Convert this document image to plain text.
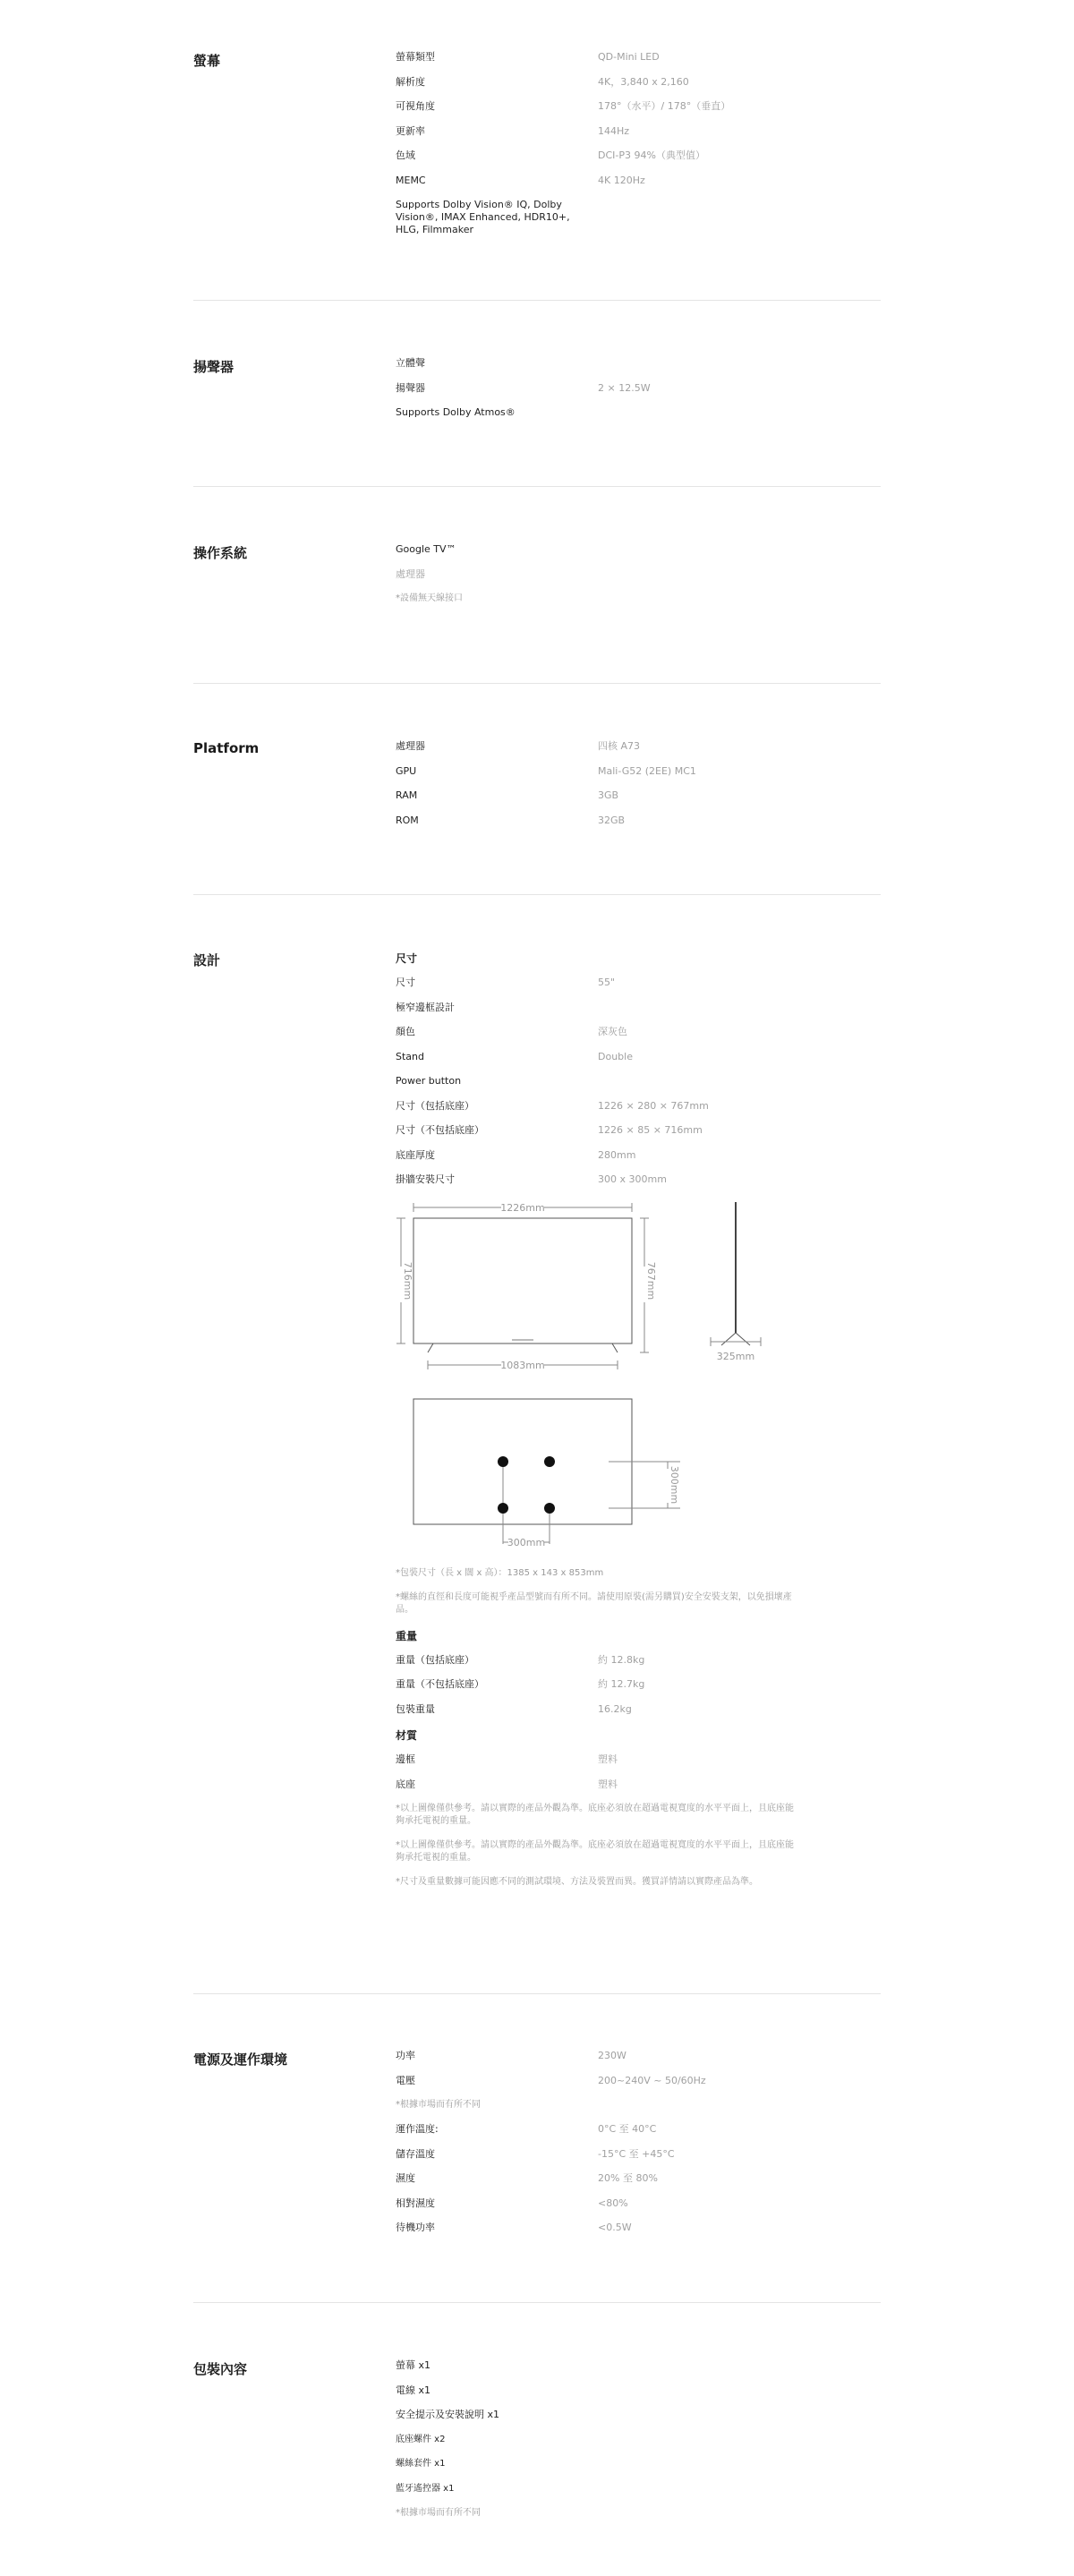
螢幕	螢幕類型	QD-Mini LED
解析度	4K，3,840 x 2,160
可視角度	178°（水平）/ 178°（垂直）
更新率	144Hz
色域	DCI-P3 94%（典型值）
MEMC	4K 120Hz
Supports Dolby Vision® IQ, Dolby Vision®, IMAX Enhanced, HDR10+, HLG, Filmmaker
揚聲器	立體聲
揚聲器	2 × 12.5W
Supports Dolby Atmos®
操作系統	Google TV™
處理器
*設備無天線接口
Platform	處理器	四核 A73
GPU	Mali-G52 (2EE) MC1
RAM	3GB
ROM	32GB
設計	尺寸
尺寸	55"
極窄邊框設計
顏色	深灰色
Stand	Double
Power button
尺寸（包括底座）	1226 × 280 × 767mm
尺寸（不包括底座）	1226 × 85 × 716mm
底座厚度	280mm
掛牆安裝尺寸	300 x 300mm
1226mm
716mm	767mm
1083mm
325mm
300mm
300mm
*包裝尺寸（長 x 闊 x 高）：1385 x 143 x 853mm
*螺絲的直徑和長度可能視乎產品型號而有所不同。請使用原裝(需另購買)安全安裝支架，以免損壞產品。
重量
重量（包括底座）	約 12.8kg
重量（不包括底座）	約 12.7kg
包裝重量	16.2kg
材質
邊框	塑料
底座	塑料
*以上圖像僅供參考。請以實際的產品外觀為準。底座必須放在超過電視寬度的水平平面上，且底座能夠承托電視的重量。
*以上圖像僅供參考。請以實際的產品外觀為準。底座必須放在超過電視寬度的水平平面上，且底座能夠承托電視的重量。
*尺寸及重量數據可能因應不同的測試環境、方法及裝置而異。獲買詳情請以實際產品為準。
電源及運作環境	功率	230W
電壓	200~240V ~ 50/60Hz
*根據市場而有所不同
運作溫度:	0°C 至 40°C
儲存溫度	-15°C 至 +45°C
濕度	20% 至 80%
相對濕度	<80%
待機功率	<0.5W
包裝內容	螢幕 x1
電線 x1
安全提示及安裝說明 x1
底座螺件 x2
螺絲套件 x1
藍牙遙控器 x1
*根據市場而有所不同
